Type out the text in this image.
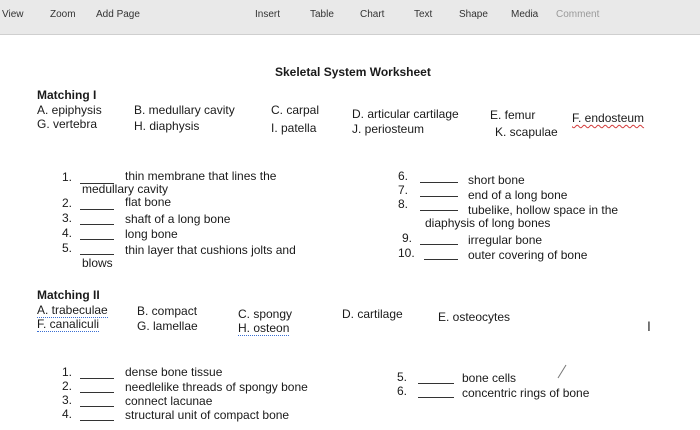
View	Zoom Add Page	Insert	Table	Chart	Text	Shape Media Comment
Skeletal System Worksheet
Matching I
A. epiphysis	B. medullary cavity	C. carpal	D. articular cartilage	E. femur	F. endosteum
G. vertebra	H. diaphysis	I. patella	J. periosteum	K. scapulae
1.	thin membrane that lines the
medullary cavity
2.	flat bone
3.	shaft of a long bone
4.	long bone
5.	thin layer that cushions jolts and
blows
6.	short bone
7.	end of a long bone
8.	tubelike, hollow space in the
diaphysis of long bones
9.	irregular bone
10.	outer covering of bone
Matching II
A. trabeculae B. compact	C. spongy	D. cartilage	E. osteocytes
F. canaliculi	G. lamellae	H. osteon
1.	dense bone tissue
2.	needlelike threads of spongy bone
3.	connect lacunae
4.	structural unit of compact bone
5.	bone cells
6.	concentric rings of bone
I
